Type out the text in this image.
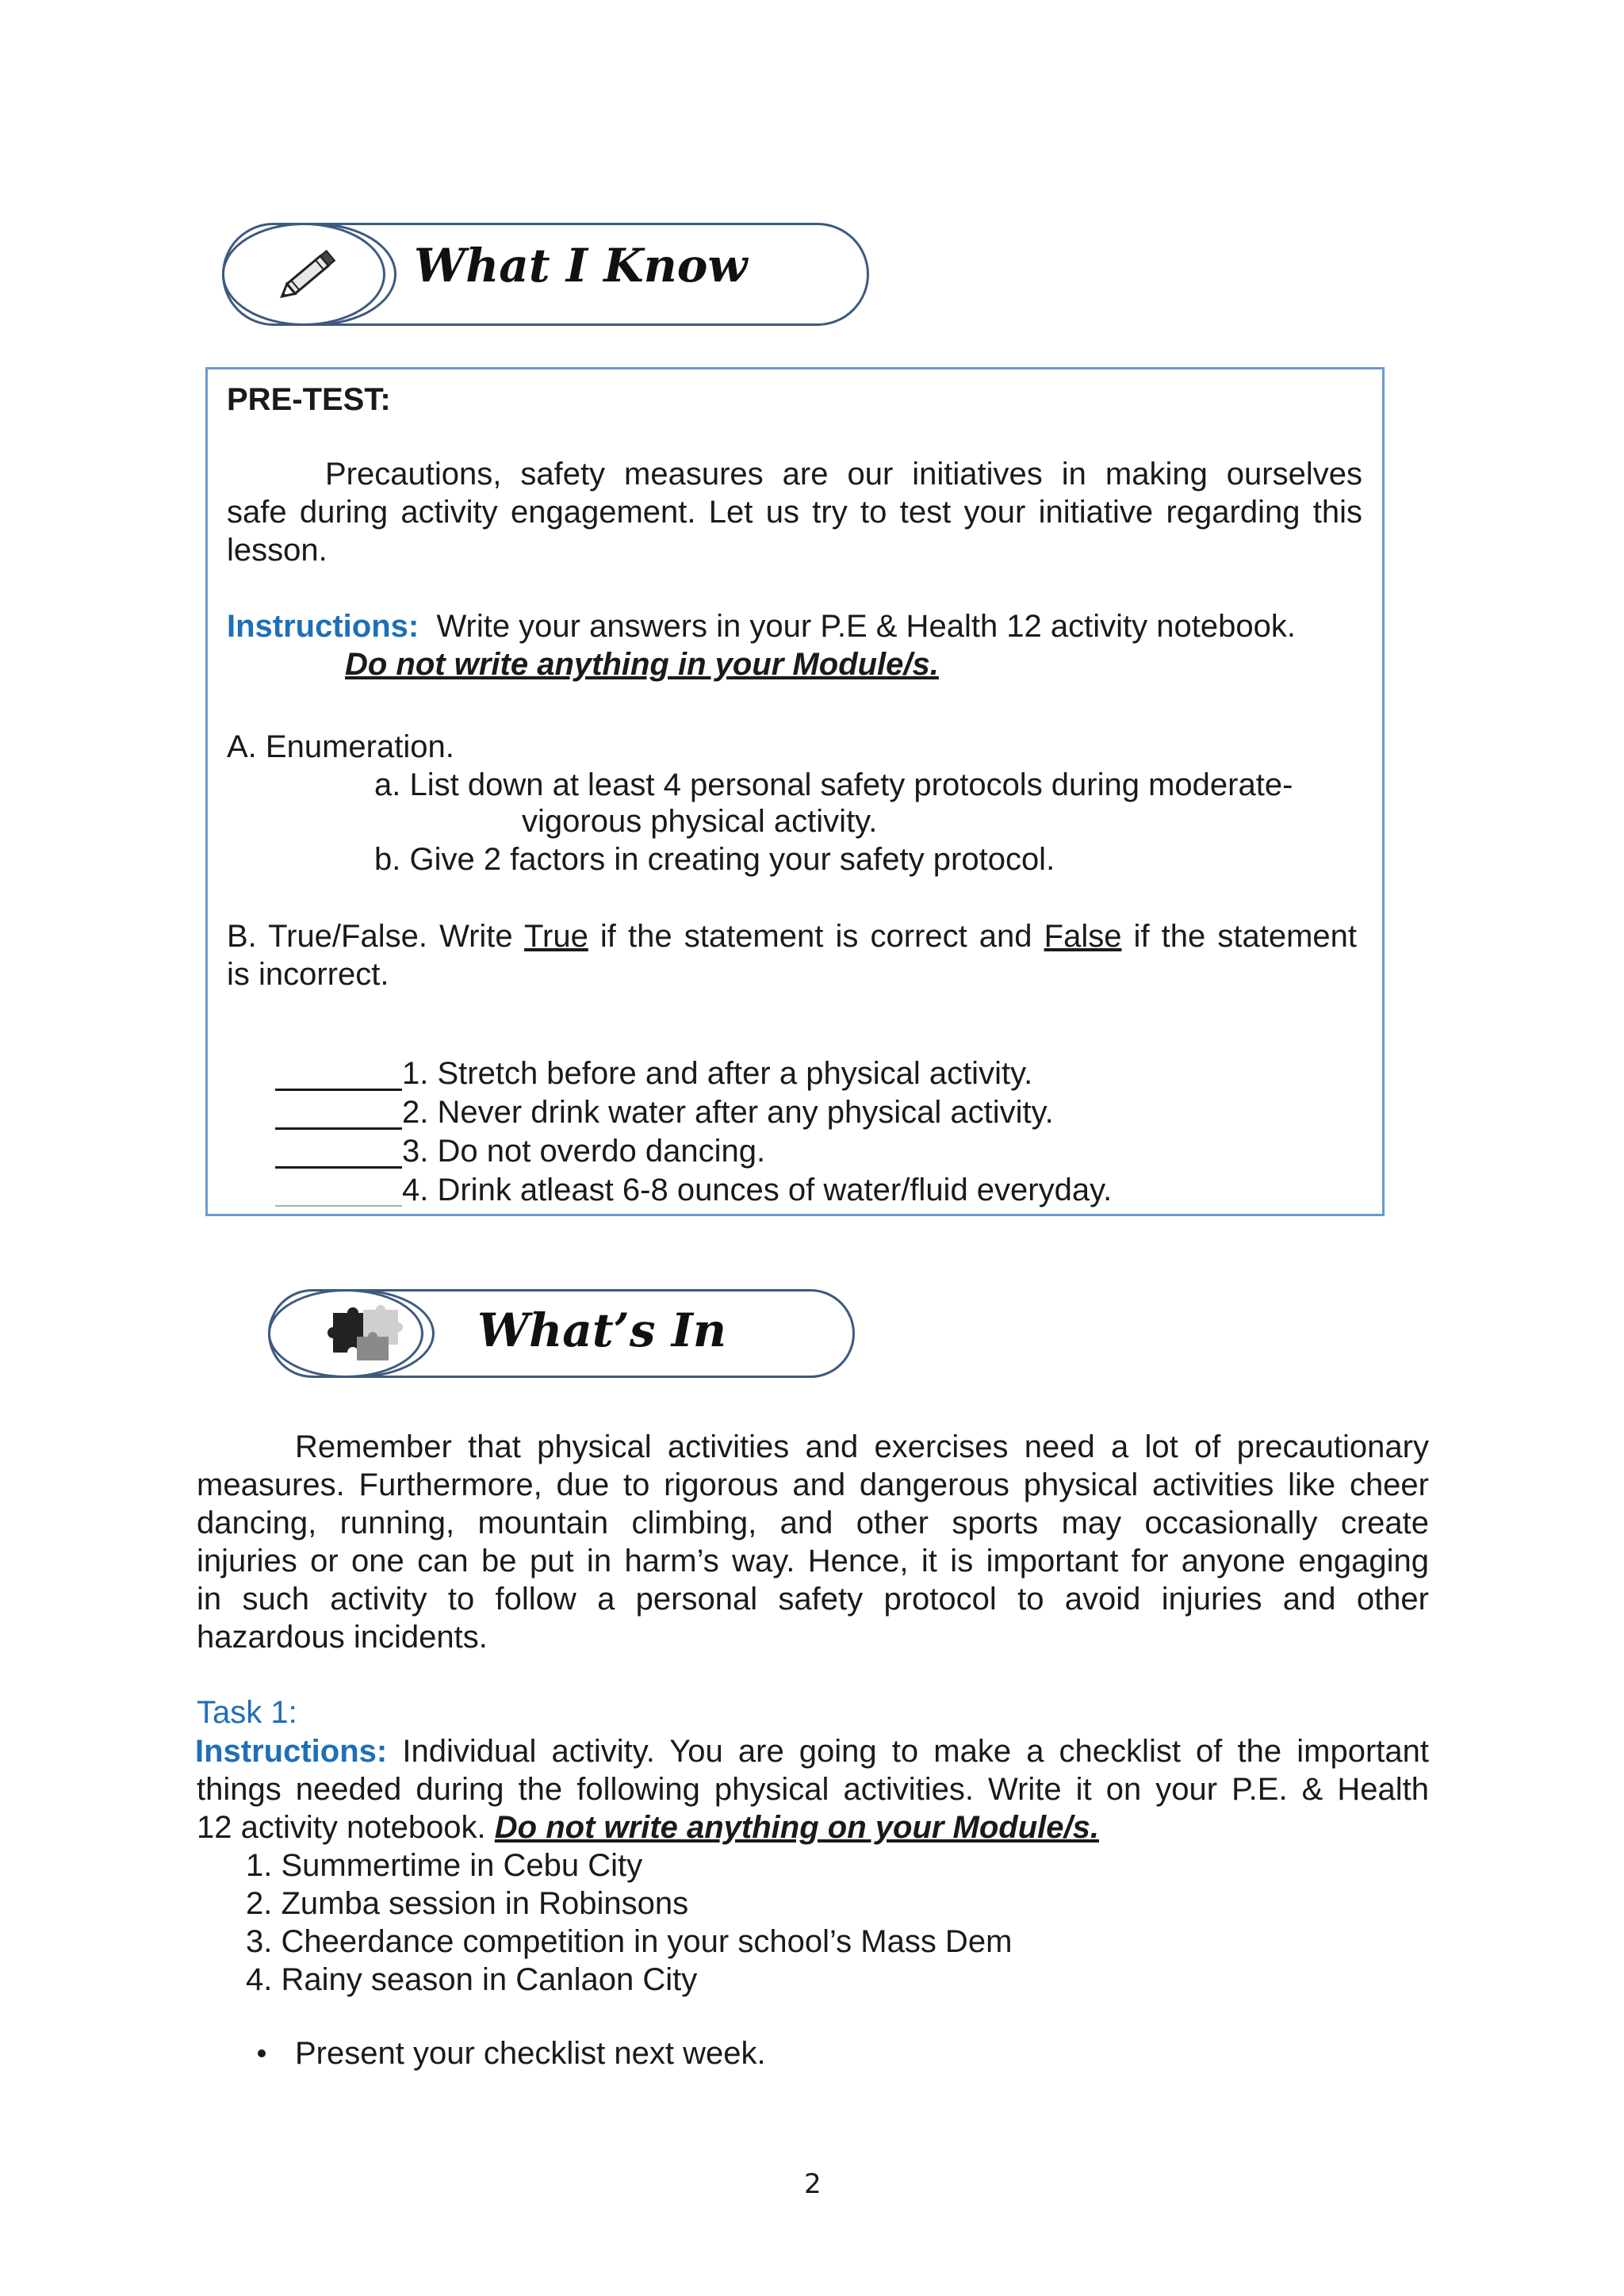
What I Know
PRE-TEST:
Precautions, safety measures are our initiatives in making ourselves
safe during activity engagement. Let us try to test your initiative regarding this
lesson.
Instructions: Write your answers in your P.E & Health 12 activity notebook.
Do not write anything in your Module/s.
A. Enumeration.
a. List down at least 4 personal safety protocols during moderate-
vigorous physical activity.
b. Give 2 factors in creating your safety protocol.
B. True/False. Write True if the statement is correct and False if the statement
is incorrect.
1. Stretch before and after a physical activity.
2. Never drink water after any physical activity.
3. Do not overdo dancing.
4. Drink atleast 6-8 ounces of water/fluid everyday.
What’s In
Remember that physical activities and exercises need a lot of precautionary
measures. Furthermore, due to rigorous and dangerous physical activities like cheer
dancing, running, mountain climbing, and other sports may occasionally create
injuries or one can be put in harm’s way. Hence, it is important for anyone engaging
in such activity to follow a personal safety protocol to avoid injuries and other
hazardous incidents.
Task 1:
Instructions: Individual activity. You are going to make a checklist of the important
things needed during the following physical activities. Write it on your P.E. & Health
12 activity notebook. Do not write anything on your Module/s.
1. Summertime in Cebu City
2. Zumba session in Robinsons
3. Cheerdance competition in your school’s Mass Dem
4. Rainy season in Canlaon City
Present your checklist next week.
2
